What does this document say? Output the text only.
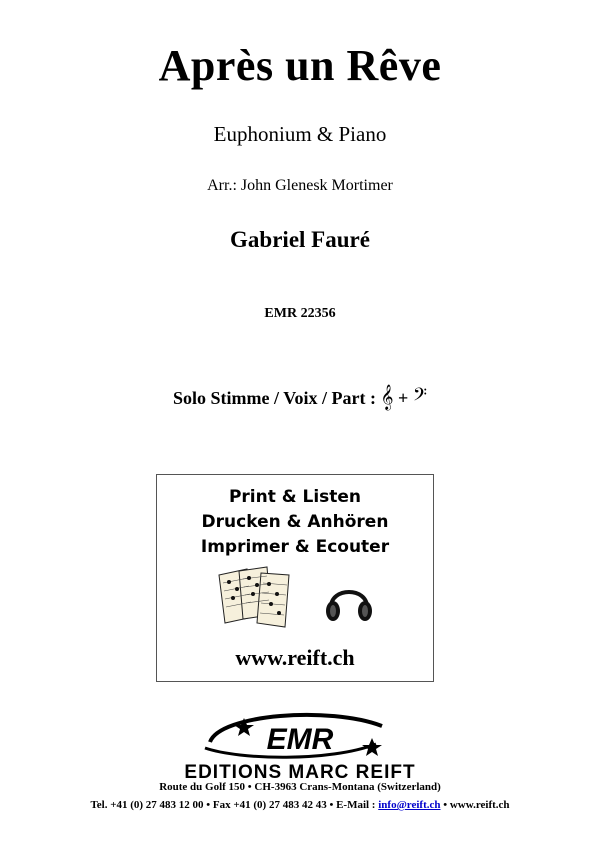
Après un Rêve
Euphonium & Piano
Arr.: John Glenesk Mortimer
Gabriel Fauré
EMR 22356
Solo Stimme / Voix / Part : 𝄞 + 𝄢
Print & Listen
Drucken & Anhören
Imprimer & Ecouter
www.reift.ch
EMR
EDITIONS MARC REIFT
Route du Golf 150 • CH-3963 Crans-Montana (Switzerland)
Tel. +41 (0) 27 483 12 00 • Fax +41 (0) 27 483 42 43 • E-Mail : info@reift.ch • www.reift.ch
